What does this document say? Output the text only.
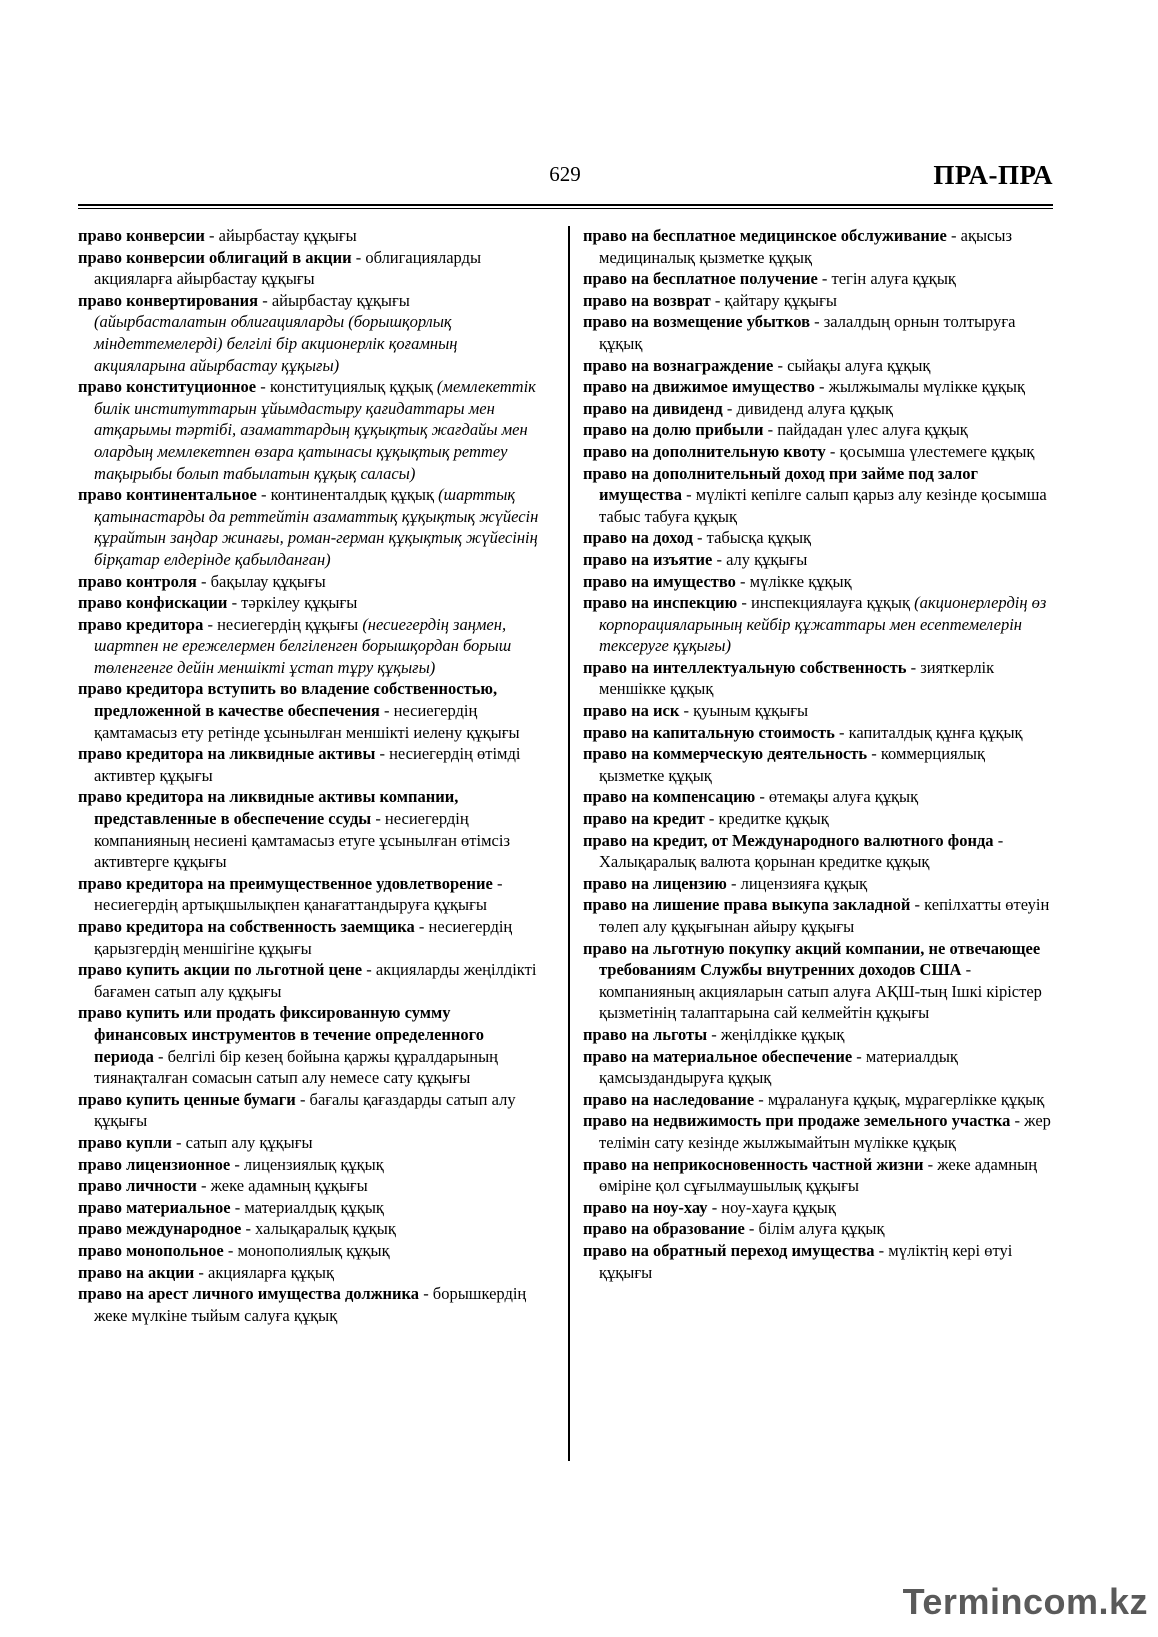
629	ПРА-ПРА

право конверсии - айырбастау құқығы

право конверсии облигаций в акции - облигацияларды акцияларға айырбастау құқығы

право конвертирования - айырбастау құқығы (айырбасталатын облигацияларды (борышқорлық міндеттемелерді) белгілі бір акционерлік қоғамның акцияларына айырбастау құқығы)

право конституционное - конституциялық құқық (мемлекеттік билік институттарын ұйымдастыру қағидаттары мен атқарымы тәртібі, азаматтардың құқықтық жағдайы мен олардың мемлекетпен өзара қатынасы құқықтық реттеу тақырыбы болып табылатын құқық саласы)

право континентальное - континенталдық құқық (шарттық қатынастарды да реттейтін азаматтық құқықтық жүйесін құрайтын заңдар жинағы, роман-герман құқықтық жүйесінің бірқатар елдерінде қабылданған)

право контроля - бақылау құқығы

право конфискации - тәркілеу құқығы

право кредитора - несиегердің құқығы (несиегердің заңмен, шартпен не ережелермен белгіленген борышқордан борыш төленгенге дейін меншікті ұстап тұру құқығы)

право кредитора вступить во владение собственностью, предложенной в качестве обеспечения - несиегердің қамтамасыз ету ретінде ұсынылған меншікті иелену құқығы

право кредитора на ликвидные активы - несиегердің өтімді активтер құқығы

право кредитора на ликвидные активы компании, представленные в обеспечение ссуды - несиегердің компанияның несиені қамтамасыз етуге ұсынылған өтімсіз активтерге құқығы

право кредитора на преимущественное удовлетворение - несиегердің артықшылықпен қанағаттандыруға құқығы

право кредитора на собственность заемщика - несиегердің қарызгердің меншігіне құқығы

право купить акции по льготной цене - акцияларды жеңілдікті бағамен сатып алу құқығы

право купить или продать фиксированную сумму финансовых инструментов в течение определенного периода - белгілі бір кезең бойына қаржы құралдарының тиянақталған сомасын сатып алу немесе сату құқығы

право купить ценные бумаги - бағалы қағаздарды сатып алу құқығы

право купли - сатып алу құқығы

право лицензионное - лицензиялық құқық

право личности - жеке адамның құқығы

право материальное - материалдық құқық

право международное - халықаралық құқық

право монопольное - монополиялық құқық

право на акции - акцияларға құқық

право на арест личного имущества должника - борышкердің жеке мүлкіне тыйым салуға құқық

право на бесплатное медицинское обслуживание - ақысыз медициналық қызметке құқық

право на бесплатное получение - тегін алуға құқық

право на возврат - қайтару құқығы

право на возмещение убытков - залалдың орнын толтыруға құқық

право на вознаграждение - сыйақы алуға құқық

право на движимое имущество - жылжымалы мүлікке құқық

право на дивиденд - дивиденд алуға құқық

право на долю прибыли - пайдадан үлес алуға құқық

право на дополнительную квоту - қосымша үлестемеге құқық

право на дополнительный доход при займе под залог имущества - мүлікті кепілге салып қарыз алу кезінде қосымша табыс табуға құқық

право на доход - табысқа құқық

право на изъятие - алу құқығы

право на имущество - мүлікке құқық

право на инспекцию - инспекциялауға құқық (акционерлердің өз корпорацияларының кейбір құжаттары мен есептемелерін тексеруге құқығы)

право на интеллектуальную собственность - зияткерлік меншікке құқық

право на иск - қуыным құқығы

право на капитальную стоимость - капиталдық құнға құқық

право на коммерческую деятельность - коммерциялық қызметке құқық

право на компенсацию - өтемақы алуға құқық

право на кредит - кредитке құқық

право на кредит, от Международного валютного фонда - Халықаралық валюта қорынан кредитке құқық

право на лицензию - лицензияға құқық

право на лишение права выкупа закладной - кепілхатты өтеуін төлеп алу құқығынан айыру құқығы

право на льготную покупку акций компании, не отвечающее требованиям Службы внутренних доходов США - компанияның акцияларын сатып алуға АҚШ-тың Ішкі кірістер қызметінің талаптарына сай келмейтін құқығы

право на льготы - жеңілдікке құқық

право на материальное обеспечение - материалдық қамсыздандыруға құқық

право на наследование - мұралануға құқық, мұрагерлікке құқық

право на недвижимость при продаже земельного участка - жер телімін сату кезінде жылжымайтын мүлікке құқық

право на неприкосновенность частной жизни - жеке адамның өміріне қол сұғылмаушылық құқығы

право на ноу-хау - ноу-хауға құқық

право на образование - білім алуға құқық

право на обратный переход имущества - мүліктің кері өтуі құқығы

Termincom.kz
